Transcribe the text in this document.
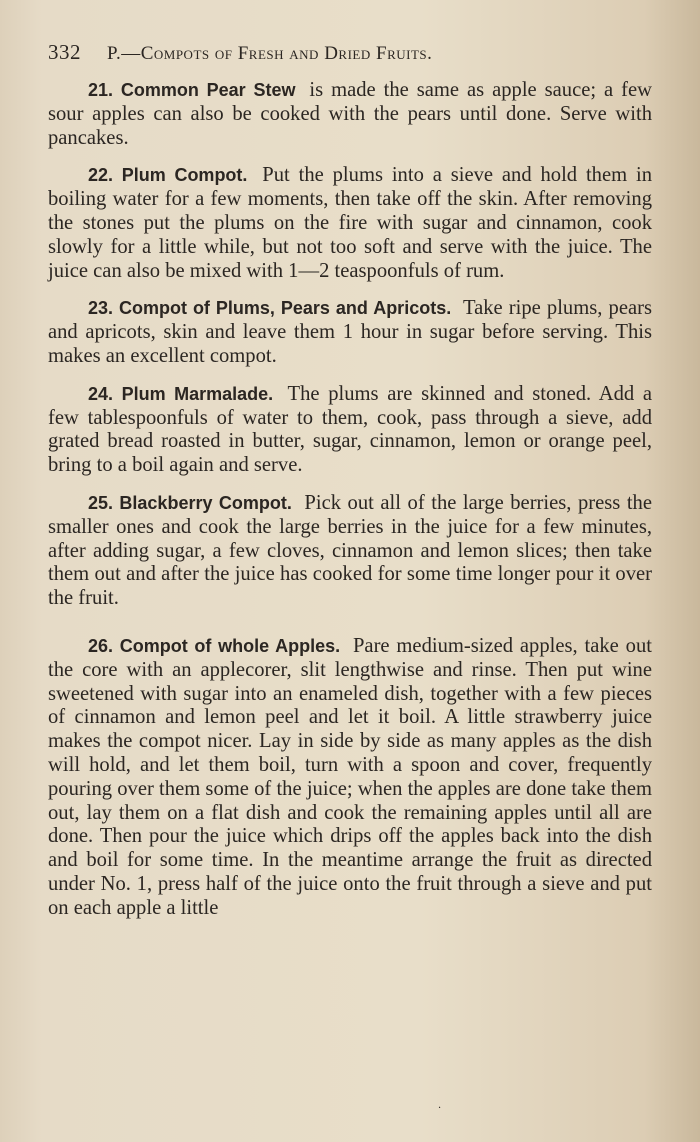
332 P.—Compots of Fresh and Dried Fruits.

21. Common Pear Stew is made the same as apple sauce; a few sour apples can also be cooked with the pears until done. Serve with pancakes.

22. Plum Compot. Put the plums into a sieve and hold them in boiling water for a few moments, then take off the skin. After removing the stones put the plums on the fire with sugar and cinnamon, cook slowly for a little while, but not too soft and serve with the juice. The juice can also be mixed with 1—2 teaspoonfuls of rum.

23. Compot of Plums, Pears and Apricots. Take ripe plums, pears and apricots, skin and leave them 1 hour in sugar before serving. This makes an excellent compot.

24. Plum Marmalade. The plums are skinned and stoned. Add a few tablespoonfuls of water to them, cook, pass through a sieve, add grated bread roasted in butter, sugar, cinnamon, lemon or orange peel, bring to a boil again and serve.

25. Blackberry Compot. Pick out all of the large berries, press the smaller ones and cook the large berries in the juice for a few minutes, after adding sugar, a few cloves, cinnamon and lemon slices; then take them out and after the juice has cooked for some time longer pour it over the fruit.

26. Compot of whole Apples. Pare medium-sized apples, take out the core with an applecorer, slit lengthwise and rinse. Then put wine sweetened with sugar into an enameled dish, together with a few pieces of cinnamon and lemon peel and let it boil. A little strawberry juice makes the compot nicer. Lay in side by side as many apples as the dish will hold, and let them boil, turn with a spoon and cover, frequently pouring over them some of the juice; when the apples are done take them out, lay them on a flat dish and cook the remaining apples until all are done. Then pour the juice which drips off the apples back into the dish and boil for some time. In the meantime arrange the fruit as directed under No. 1, press half of the juice onto the fruit through a sieve and put on each apple a little

·
